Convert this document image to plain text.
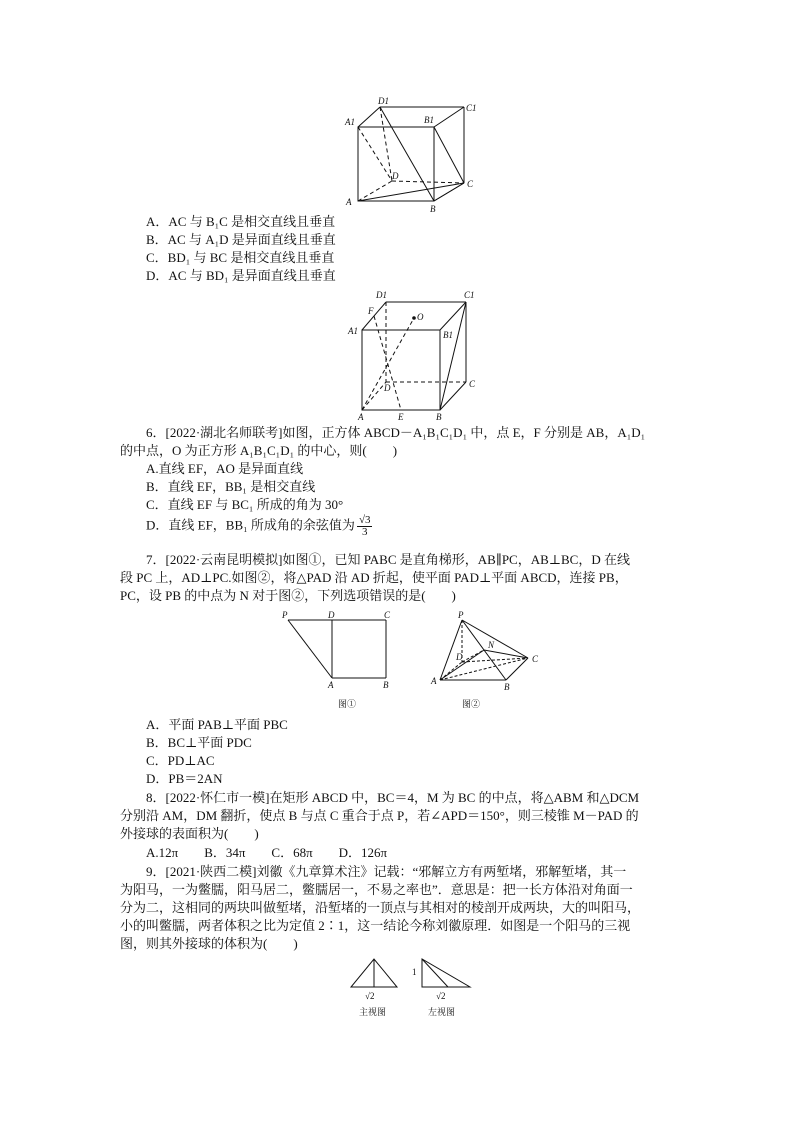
A
B
C
D
A1	B1
C1
D1
A．AC 与 B₁C 是相交直线且垂直
B．AC 与 A₁D 是异面直线且垂直
C．BD₁ 与 BC 是相交直线且垂直
D．AC 与 BD₁ 是异面直线且垂直
A	B
C
D
A1	B1
C1
D1
E
F
O
6．[2022·湖北名师联考]如图，正方体 ABCD－A₁B₁C₁D₁ 中，点 E，F 分别是 AB，A₁D₁
的中点，O 为正方形 A₁B₁C₁D₁ 的中心，则(　　)
A.直线 EF，AO 是异面直线
B．直线 EF，BB₁ 是相交直线
C．直线 EF 与 BC₁ 所成的角为 30°
D．直线 EF，BB₁ 所成角的余弦值为 $\frac{√3}{3}$
7．[2022·云南昆明模拟]如图①，已知 PABC 是直角梯形，AB∥PC，AB⊥BC，D 在线
段 PC 上，AD⊥PC.如图②，将△PAD 沿 AD 折起，使平面 PAD⊥平面 ABCD，连接 PB，
PC，设 PB 的中点为 N 对于图②，下列选项错误的是(　　)
P	D	C
A	B
图①
P
D
N
C
A
B
图②
A．平面 PAB⊥平面 PBC
B．BC⊥平面 PDC
C．PD⊥AC
D．PB＝2AN
8．[2022·怀仁市一模]在矩形 ABCD 中，BC＝4，M 为 BC 的中点，将△ABM 和△DCM
分别沿 AM，DM 翻折，使点 B 与点 C 重合于点 P，若∠APD＝150°，则三棱锥 M－PAD 的
外接球的表面积为(　　)
A.12π　　B．34π　　C．68π　　D．126π
9．[2021·陕西二模]刘徽《九章算术注》记载：“邪解立方有两堑堵，邪解堑堵，其一
为阳马，一为鳖臑，阳马居二，鳖臑居一，不易之率也”．意思是：把一长方体沿对角面一
分为二，这相同的两块叫做堑堵，沿堑堵的一顶点与其相对的棱剖开成两块，大的叫阳马，
小的叫鳖臑，两者体积之比为定值 2∶1，这一结论今称刘徽原理．如图是一个阳马的三视
图，则其外接球的体积为(　　)
√2
主视图
1
√2
左视图
